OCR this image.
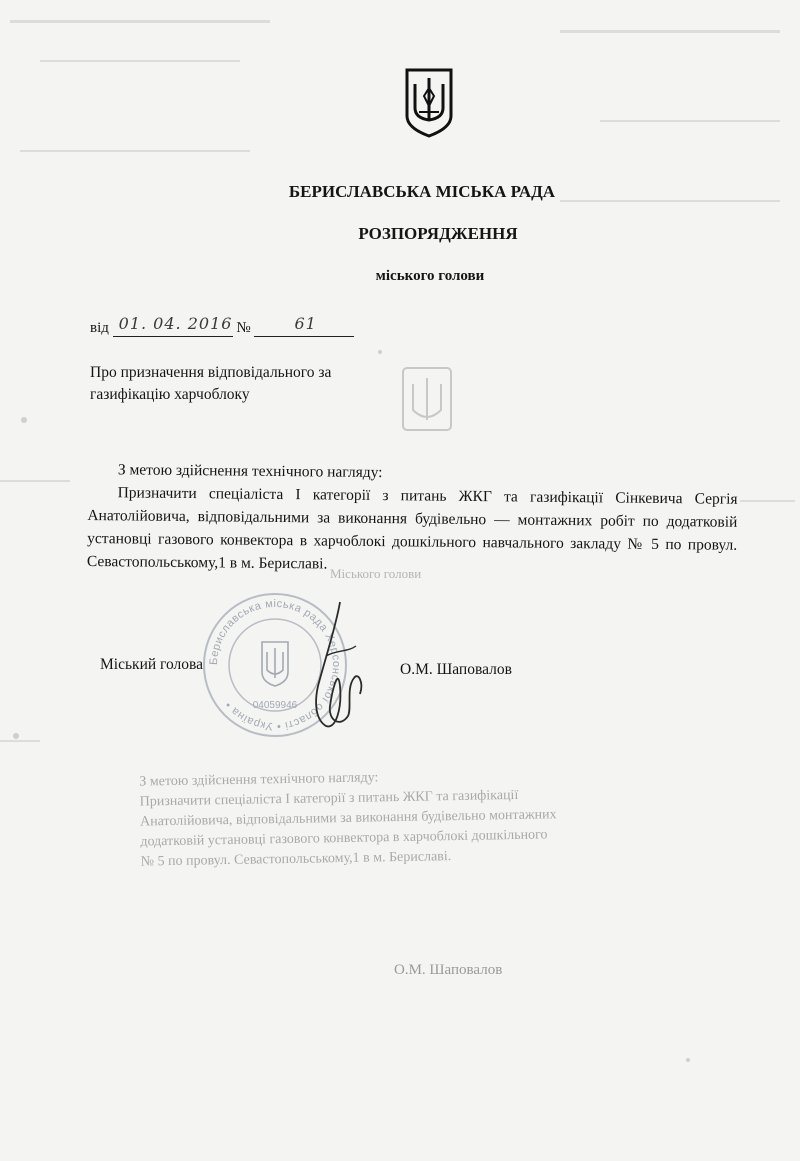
БЕРИСЛАВСЬКА МІСЬКА РАДА
РОЗПОРЯДЖЕННЯ
міського голови
від 01. 04. 2016 №	61
Про призначення відповідального за
газифікацію харчоблоку
Міського голови

З метою здійснення технічного нагляду:

Призначити спеціаліста I категорії з питань ЖКГ та газифікації Сінкевича Сергія Анатолійовича, відповідальними за виконання будівельно — монтажних робіт по додатковій установці газового конвектора в харчоблокі дошкільного навчального закладу № 5 по провул. Севастопольському,1 в м. Бериславі.

Бериславська міська рада Херсонської області • Україна •	04059946
Міський голова	О.М. Шаповалов
З метою здійснення технічного нагляду:
Призначити спеціаліста I категорії з питань ЖКГ та газифікації
Анатолійовича, відповідальними за виконання будівельно монтажних
додатковій установці газового конвектора в харчоблокі дошкільного
№ 5 по провул. Севастопольському,1 в м. Бериславі.
О.М. Шаповалов
